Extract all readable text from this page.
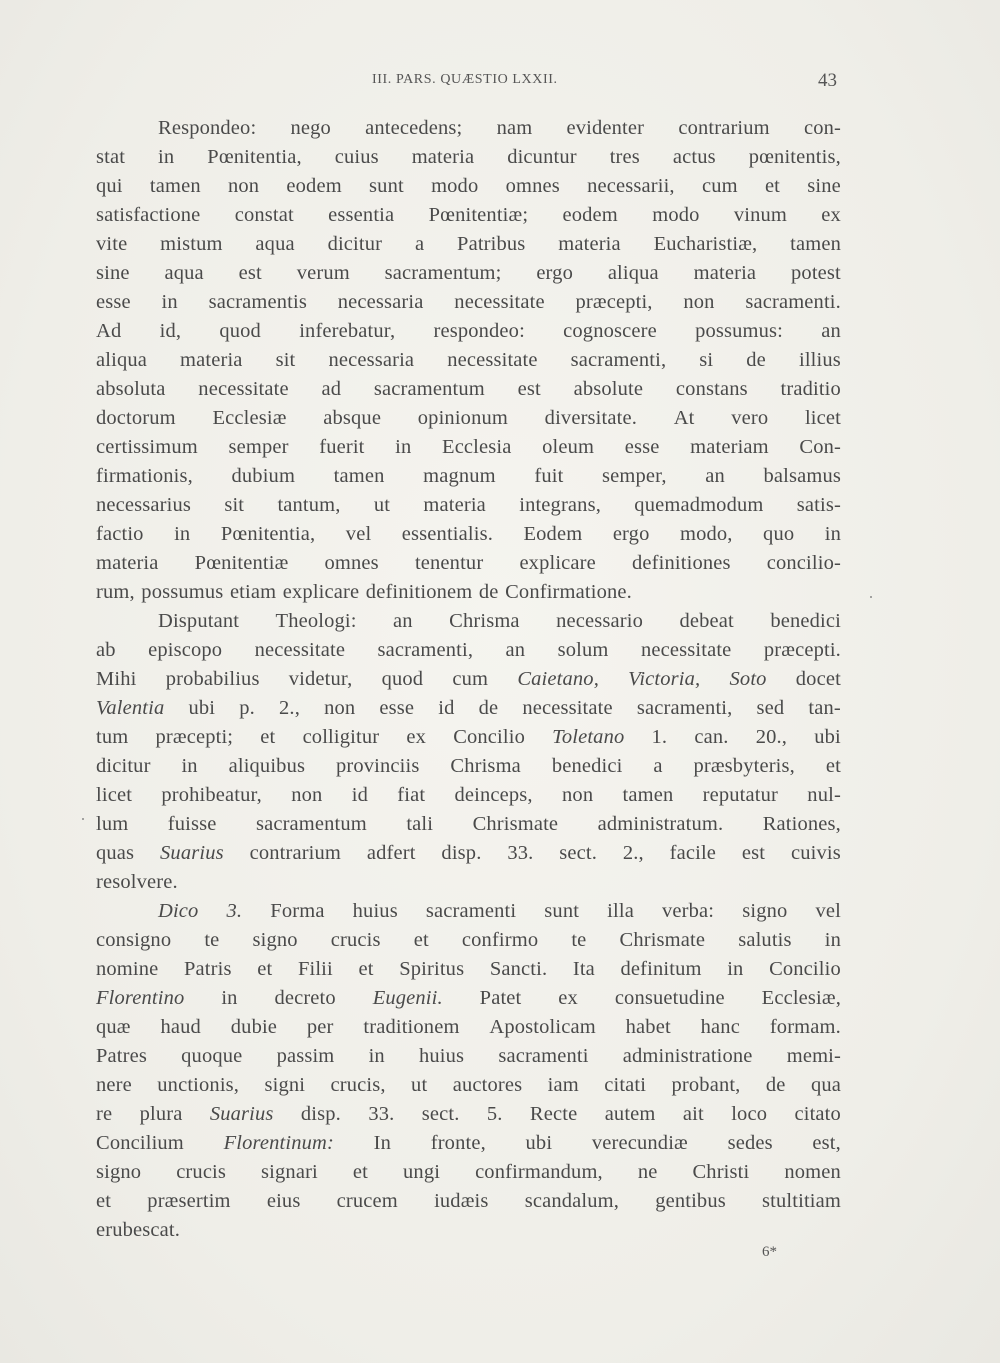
III. PARS. QUÆSTIO LXXII.	43
Respondeo: nego antecedens; nam evidenter contrarium con-
stat in Pœnitentia, cuius materia dicuntur tres actus pœnitentis,
qui tamen non eodem sunt modo omnes necessarii, cum et sine
satisfactione constat essentia Pœnitentiæ; eodem modo vinum ex
vite mistum aqua dicitur a Patribus materia Eucharistiæ, tamen
sine aqua est verum sacramentum; ergo aliqua materia potest
esse in sacramentis necessaria necessitate præcepti, non sacramenti.
Ad id, quod inferebatur, respondeo: cognoscere possumus: an
aliqua materia sit necessaria necessitate sacramenti, si de illius
absoluta necessitate ad sacramentum est absolute constans traditio
doctorum Ecclesiæ absque opinionum diversitate. At vero licet
certissimum semper fuerit in Ecclesia oleum esse materiam Con-
firmationis, dubium tamen magnum fuit semper, an balsamus
necessarius sit tantum, ut materia integrans, quemadmodum satis-
factio in Pœnitentia, vel essentialis. Eodem ergo modo, quo in
materia Pœnitentiæ omnes tenentur explicare definitiones concilio-
rum, possumus etiam explicare definitionem de Confirmatione.
Disputant Theologi: an Chrisma necessario debeat benedici
ab episcopo necessitate sacramenti, an solum necessitate præcepti.
Mihi probabilius videtur, quod cum Caietano, Victoria, Soto docet
Valentia ubi p. 2., non esse id de necessitate sacramenti, sed tan-
tum præcepti; et colligitur ex Concilio Toletano 1. can. 20., ubi
dicitur in aliquibus provinciis Chrisma benedici a præsbyteris, et
licet prohibeatur, non id fiat deinceps, non tamen reputatur nul-
lum fuisse sacramentum tali Chrismate administratum. Rationes,
quas Suarius contrarium adfert disp. 33. sect. 2., facile est cuivis
resolvere.
Dico 3. Forma huius sacramenti sunt illa verba: signo vel
consigno te signo crucis et confirmo te Chrismate salutis in
nomine Patris et Filii et Spiritus Sancti. Ita definitum in Concilio
Florentino in decreto Eugenii. Patet ex consuetudine Ecclesiæ,
quæ haud dubie per traditionem Apostolicam habet hanc formam.
Patres quoque passim in huius sacramenti administratione memi-
nere unctionis, signi crucis, ut auctores iam citati probant, de qua
re plura Suarius disp. 33. sect. 5. Recte autem ait loco citato
Concilium Florentinum: In fronte, ubi verecundiæ sedes est,
signo crucis signari et ungi confirmandum, ne Christi nomen
et præsertim eius crucem iudæis scandalum, gentibus stultitiam
erubescat.
6*
